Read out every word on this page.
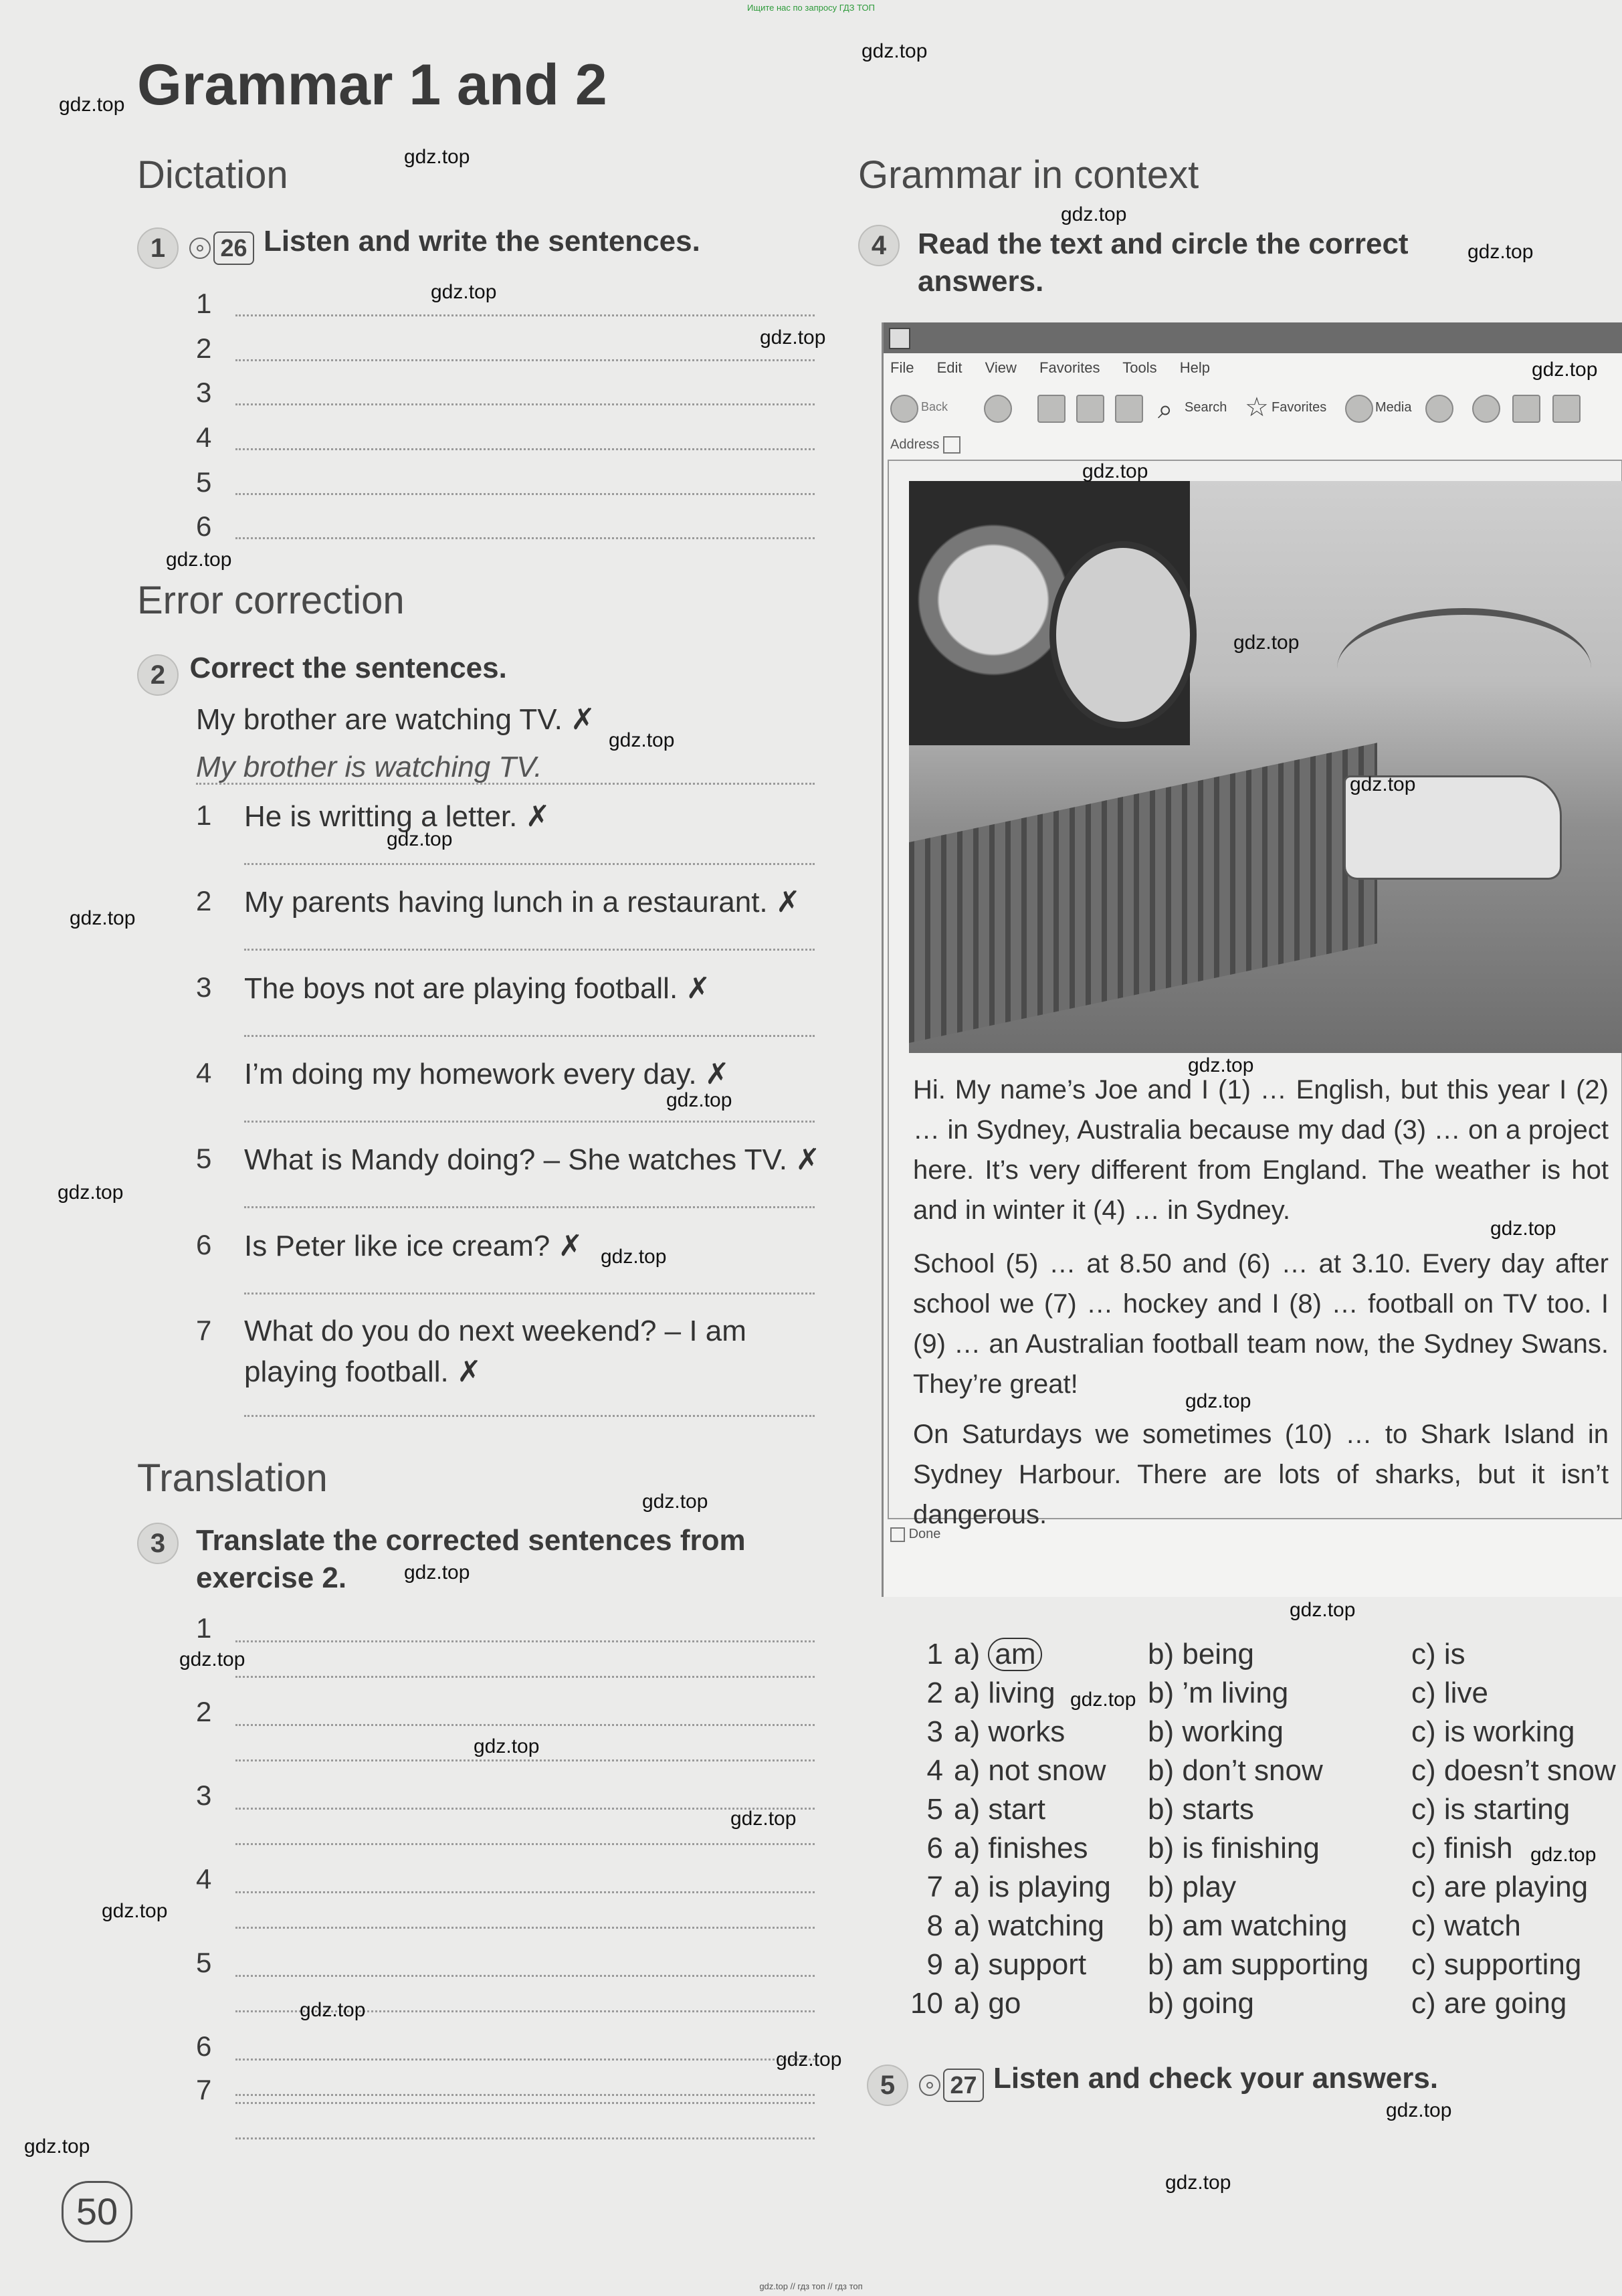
Ищите нас по запросу ГДЗ ТОП
Grammar 1 and 2
Dictation
1 26 Listen and write the sentences.
1
2
3
4
5
6
Error correction
2 Correct the sentences.
My brother are watching TV. ✗
My brother is watching TV.
1 He is writting a letter. ✗
2 My parents having lunch in a restaurant. ✗
3 The boys not are playing football. ✗
4 I’m doing my homework every day. ✗
5 What is Mandy doing? – She watches TV. ✗
6 Is Peter like ice cream? ✗
7 What do you do next weekend? – I am
playing football. ✗
Translation
3	Translate the corrected sentences from
exercise 2.
1
2
3
4
5
6
7
Grammar in context
4	Read the text and circle the correct
answers.
File Edit View Favorites Tools Help
Back	⌕ Search ☆ Favorites	Media
Address
Hi. My name’s Joe and I (1) … English, but this year I (2) … in Sydney, Australia because my dad (3) … on a project here. It’s very different from England. The weather is hot and in winter it (4) … in Sydney.
School (5) … at 8.50 and (6) … at 3.10. Every day after school we (7) … hockey and I (8) … football on TV too. I (9) … an Australian football team now, the Sydney Swans. They’re great!
On Saturdays we sometimes (10) … to Shark Island in Sydney Harbour. There are lots of sharks, but it isn’t dangerous.
Done
1 a) am	b) being	c) is
2 a) living	b) ’m living	c) live
3 a) works	b) working	c) is working
4 a) not snow b) don’t snow	c) doesn’t snow
5 a) start	b) starts	c) is starting
6 a) finishes b) is finishing	c) finish
7 a) is playing b) play	c) are playing
8 a) watching b) am watching c) watch
9 a) support b) am supporting c) supporting
10 a) go	b) going	c) are going
5 27 Listen and check your answers.
50
gdz.top
gdz.top
gdz.top
gdz.top
gdz.top
gdz.top
gdz.top
gdz.top
gdz.top
gdz.top
gdz.top
gdz.top
gdz.top
gdz.top
gdz.top
gdz.top
gdz.top
gdz.top
gdz.top
gdz.top
gdz.top
gdz.top
gdz.top
gdz.top
gdz.top
gdz.top
gdz.top
gdz.top
gdz.top
gdz.top
gdz.top
gdz.top
gdz.top
gdz.top
gdz.top
gdz.top // гдз топ // гдз топ
